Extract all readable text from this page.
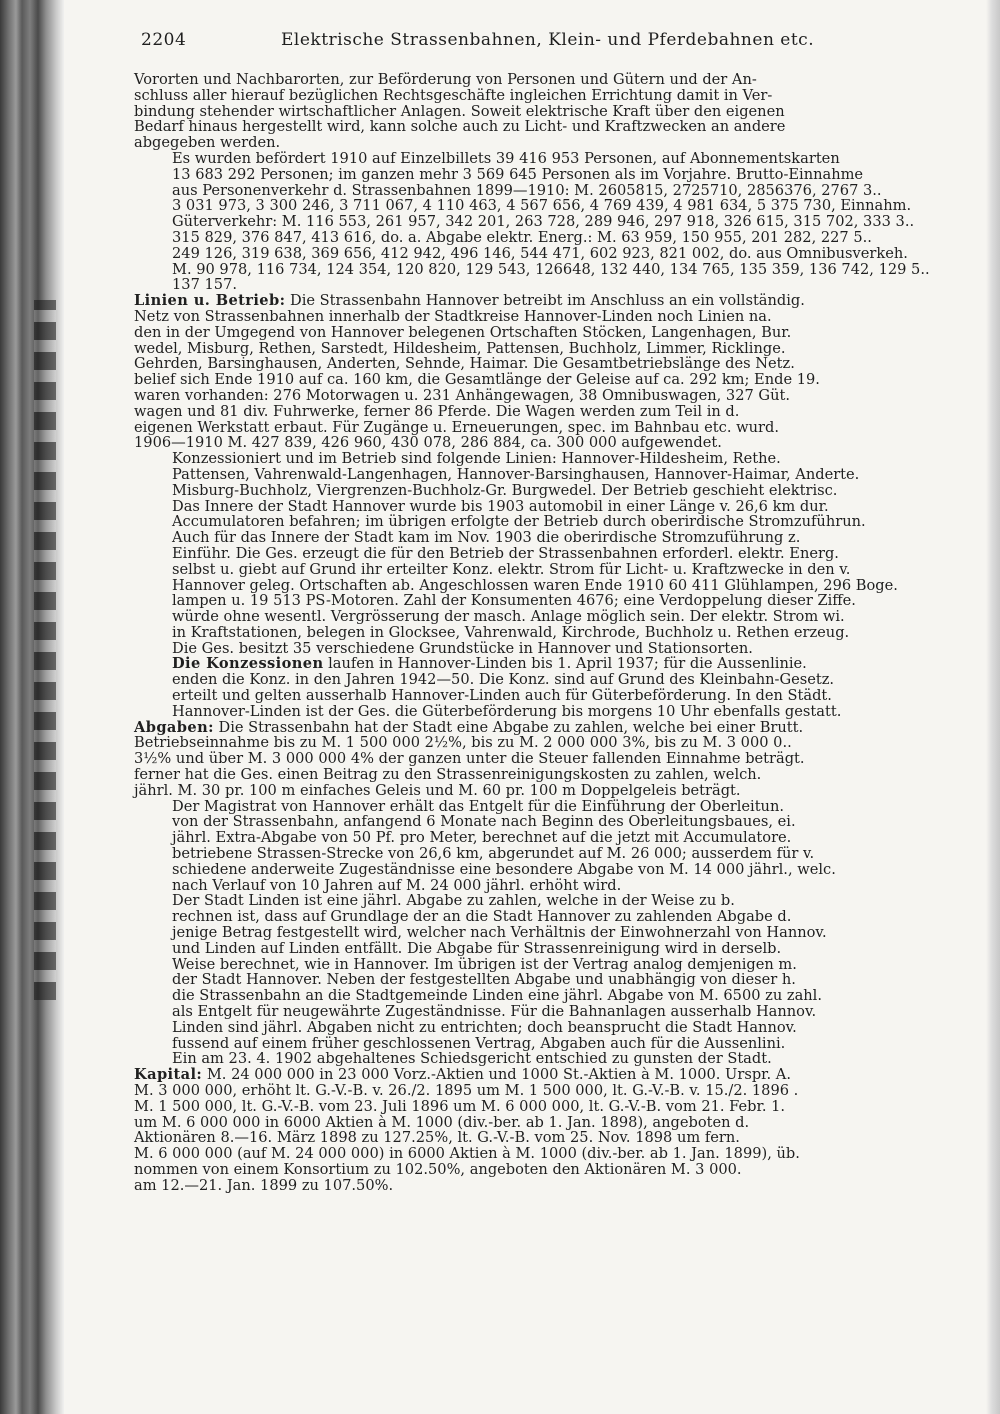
2204	Elektrische Strassenbahnen, Klein- und Pferdebahnen etc.

Vororten und Nachbarorten, zur Beförderung von Personen und Gütern und der An-
schluss aller hierauf bezüglichen Rechtsgeschäfte ingleichen Errichtung damit in Ver-
bindung stehender wirtschaftlicher Anlagen. Soweit elektrische Kraft über den eigenen
Bedarf hinaus hergestellt wird, kann solche auch zu Licht- und Kraftzwecken an andere
abgegeben werden.

Es wurden befördert 1910 auf Einzelbillets 39 416 953 Personen, auf Abonnementskarten
13 683 292 Personen; im ganzen mehr 3 569 645 Personen als im Vorjahre. Brutto-Einnahme
aus Personenverkehr d. Strassenbahnen 1899—1910: M. 2605815, 2725710, 2856376, 2767 3..
3 031 973, 3 300 246, 3 711 067, 4 110 463, 4 567 656, 4 769 439, 4 981 634, 5 375 730, Einnahm.
Güterverkehr: M. 116 553, 261 957, 342 201, 263 728, 289 946, 297 918, 326 615, 315 702, 333 3..
315 829, 376 847, 413 616, do. a. Abgabe elektr. Energ.: M. 63 959, 150 955, 201 282, 227 5..
249 126, 319 638, 369 656, 412 942, 496 146, 544 471, 602 923, 821 002, do. aus Omnibusverkeh.
M. 90 978, 116 734, 124 354, 120 820, 129 543, 126648, 132 440, 134 765, 135 359, 136 742, 129 5..
137 157.

Linien u. Betrieb: Die Strassenbahn Hannover betreibt im Anschluss an ein vollständig.
Netz von Strassenbahnen innerhalb der Stadtkreise Hannover-Linden noch Linien na.
den in der Umgegend von Hannover belegenen Ortschaften Stöcken, Langenhagen, Bur.
wedel, Misburg, Rethen, Sarstedt, Hildesheim, Pattensen, Buchholz, Limmer, Ricklinge.
Gehrden, Barsinghausen, Anderten, Sehnde, Haimar. Die Gesamtbetriebslänge des Netz.
belief sich Ende 1910 auf ca. 160 km, die Gesamtlänge der Geleise auf ca. 292 km; Ende 19.
waren vorhanden: 276 Motorwagen u. 231 Anhängewagen, 38 Omnibuswagen, 327 Güt.
wagen und 81 div. Fuhrwerke, ferner 86 Pferde. Die Wagen werden zum Teil in d.
eigenen Werkstatt erbaut. Für Zugänge u. Erneuerungen, spec. im Bahnbau etc. wurd.
1906—1910 M. 427 839, 426 960, 430 078, 286 884, ca. 300 000 aufgewendet.

Konzessioniert und im Betrieb sind folgende Linien: Hannover-Hildesheim, Rethe.
Pattensen, Vahrenwald-Langenhagen, Hannover-Barsinghausen, Hannover-Haimar, Anderte.
Misburg-Buchholz, Viergrenzen-Buchholz-Gr. Burgwedel. Der Betrieb geschieht elektrisc.
Das Innere der Stadt Hannover wurde bis 1903 automobil in einer Länge v. 26,6 km dur.
Accumulatoren befahren; im übrigen erfolgte der Betrieb durch oberirdische Stromzuführun.
Auch für das Innere der Stadt kam im Nov. 1903 die oberirdische Stromzuführung z.
Einführ. Die Ges. erzeugt die für den Betrieb der Strassenbahnen erforderl. elektr. Energ.
selbst u. giebt auf Grund ihr erteilter Konz. elektr. Strom für Licht- u. Kraftzwecke in den v.
Hannover geleg. Ortschaften ab. Angeschlossen waren Ende 1910 60 411 Glühlampen, 296 Boge.
lampen u. 19 513 PS-Motoren. Zahl der Konsumenten 4676; eine Verdoppelung dieser Ziffe.
würde ohne wesentl. Vergrösserung der masch. Anlage möglich sein. Der elektr. Strom wi.
in Kraftstationen, belegen in Glocksee, Vahrenwald, Kirchrode, Buchholz u. Rethen erzeug.
Die Ges. besitzt 35 verschiedene Grundstücke in Hannover und Stationsorten.

Die Konzessionen laufen in Hannover-Linden bis 1. April 1937; für die Aussenlinie.
enden die Konz. in den Jahren 1942—50. Die Konz. sind auf Grund des Kleinbahn-Gesetz.
erteilt und gelten ausserhalb Hannover-Linden auch für Güterbeförderung. In den Städt.
Hannover-Linden ist der Ges. die Güterbeförderung bis morgens 10 Uhr ebenfalls gestatt.

Abgaben: Die Strassenbahn hat der Stadt eine Abgabe zu zahlen, welche bei einer Brutt.
Betriebseinnahme bis zu M. 1 500 000 2½%, bis zu M. 2 000 000 3%, bis zu M. 3 000 0..
3½% und über M. 3 000 000 4% der ganzen unter die Steuer fallenden Einnahme beträgt.
ferner hat die Ges. einen Beitrag zu den Strassenreinigungskosten zu zahlen, welch.
jährl. M. 30 pr. 100 m einfaches Geleis und M. 60 pr. 100 m Doppelgeleis beträgt.

Der Magistrat von Hannover erhält das Entgelt für die Einführung der Oberleitun.
von der Strassenbahn, anfangend 6 Monate nach Beginn des Oberleitungsbaues, ei.
jährl. Extra-Abgabe von 50 Pf. pro Meter, berechnet auf die jetzt mit Accumulatore.
betriebene Strassen-Strecke von 26,6 km, abgerundet auf M. 26 000; ausserdem für v.
schiedene anderweite Zugeständnisse eine besondere Abgabe von M. 14 000 jährl., welc.
nach Verlauf von 10 Jahren auf M. 24 000 jährl. erhöht wird.

Der Stadt Linden ist eine jährl. Abgabe zu zahlen, welche in der Weise zu b.
rechnen ist, dass auf Grundlage der an die Stadt Hannover zu zahlenden Abgabe d.
jenige Betrag festgestellt wird, welcher nach Verhältnis der Einwohnerzahl von Hannov.
und Linden auf Linden entfällt. Die Abgabe für Strassenreinigung wird in derselb.
Weise berechnet, wie in Hannover. Im übrigen ist der Vertrag analog demjenigen m.
der Stadt Hannover. Neben der festgestellten Abgabe und unabhängig von dieser h.
die Strassenbahn an die Stadtgemeinde Linden eine jährl. Abgabe von M. 6500 zu zahl.
als Entgelt für neugewährte Zugeständnisse. Für die Bahnanlagen ausserhalb Hannov.
Linden sind jährl. Abgaben nicht zu entrichten; doch beansprucht die Stadt Hannov.
fussend auf einem früher geschlossenen Vertrag, Abgaben auch für die Aussenlini.
Ein am 23. 4. 1902 abgehaltenes Schiedsgericht entschied zu gunsten der Stadt.

Kapital: M. 24 000 000 in 23 000 Vorz.-Aktien und 1000 St.-Aktien à M. 1000. Urspr. A.
M. 3 000 000, erhöht lt. G.-V.-B. v. 26./2. 1895 um M. 1 500 000, lt. G.-V.-B. v. 15./2. 1896 .
M. 1 500 000, lt. G.-V.-B. vom 23. Juli 1896 um M. 6 000 000, lt. G.-V.-B. vom 21. Febr. 1.
um M. 6 000 000 in 6000 Aktien à M. 1000 (div.-ber. ab 1. Jan. 1898), angeboten d.
Aktionären 8.—16. März 1898 zu 127.25%, lt. G.-V.-B. vom 25. Nov. 1898 um fern.
M. 6 000 000 (auf M. 24 000 000) in 6000 Aktien à M. 1000 (div.-ber. ab 1. Jan. 1899), üb.
nommen von einem Konsortium zu 102.50%, angeboten den Aktionären M. 3 000.
am 12.—21. Jan. 1899 zu 107.50%.
